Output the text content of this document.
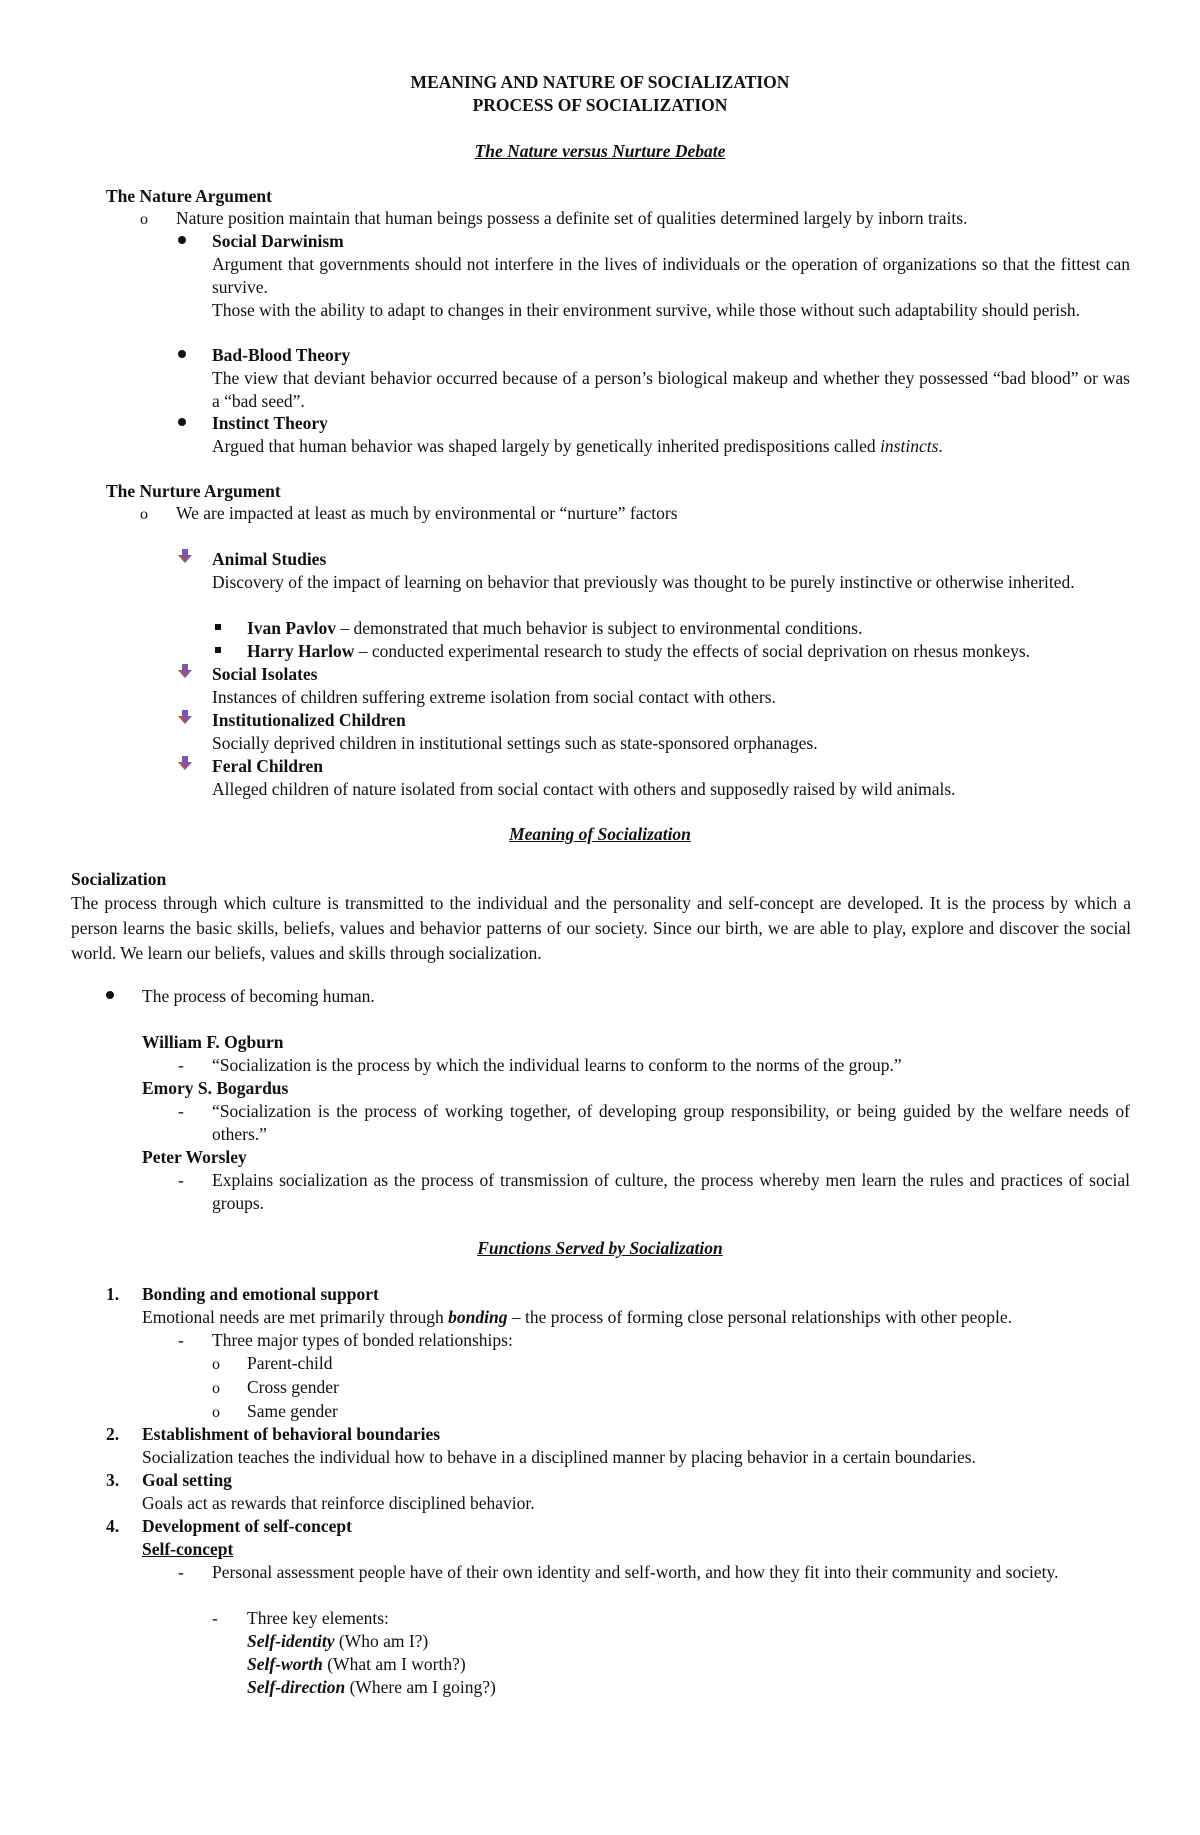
MEANING AND NATURE OF SOCIALIZATION
PROCESS OF SOCIALIZATION
The Nature versus Nurture Debate
The Nature Argument
o Nature position maintain that human beings possess a definite set of qualities determined largely by inborn traits.
Social Darwinism
Argument that governments should not interfere in the lives of individuals or the operation of organizations so that the fittest can survive.
Those with the ability to adapt to changes in their environment survive, while those without such adaptability should perish.
Bad-Blood Theory
The view that deviant behavior occurred because of a person’s biological makeup and whether they possessed “bad blood” or was a “bad seed”.
Instinct Theory
Argued that human behavior was shaped largely by genetically inherited predispositions called instincts.
The Nurture Argument
o We are impacted at least as much by environmental or “nurture” factors
Animal Studies
Discovery of the impact of learning on behavior that previously was thought to be purely instinctive or otherwise inherited.
Ivan Pavlov – demonstrated that much behavior is subject to environmental conditions.
Harry Harlow – conducted experimental research to study the effects of social deprivation on rhesus monkeys.
Social Isolates
Instances of children suffering extreme isolation from social contact with others.
Institutionalized Children
Socially deprived children in institutional settings such as state-sponsored orphanages.
Feral Children
Alleged children of nature isolated from social contact with others and supposedly raised by wild animals.
Meaning of Socialization
Socialization
The process through which culture is transmitted to the individual and the personality and self-concept are developed. It is the process by which a person learns the basic skills, beliefs, values and behavior patterns of our society. Since our birth, we are able to play, explore and discover the social world. We learn our beliefs, values and skills through socialization.
The process of becoming human.
William F. Ogburn
- “Socialization is the process by which the individual learns to conform to the norms of the group.”
Emory S. Bogardus
- “Socialization is the process of working together, of developing group responsibility, or being guided by the welfare needs of others.”
Peter Worsley
- Explains socialization as the process of transmission of culture, the process whereby men learn the rules and practices of social groups.
Functions Served by Socialization
1. Bonding and emotional support
Emotional needs are met primarily through bonding – the process of forming close personal relationships with other people.
- Three major types of bonded relationships:
o Parent-child
o Cross gender
o Same gender
2. Establishment of behavioral boundaries
Socialization teaches the individual how to behave in a disciplined manner by placing behavior in a certain boundaries.
3. Goal setting
Goals act as rewards that reinforce disciplined behavior.
4. Development of self-concept
Self-concept
- Personal assessment people have of their own identity and self-worth, and how they fit into their community and society.
- Three key elements:
Self-identity (Who am I?)
Self-worth (What am I worth?)
Self-direction (Where am I going?)
